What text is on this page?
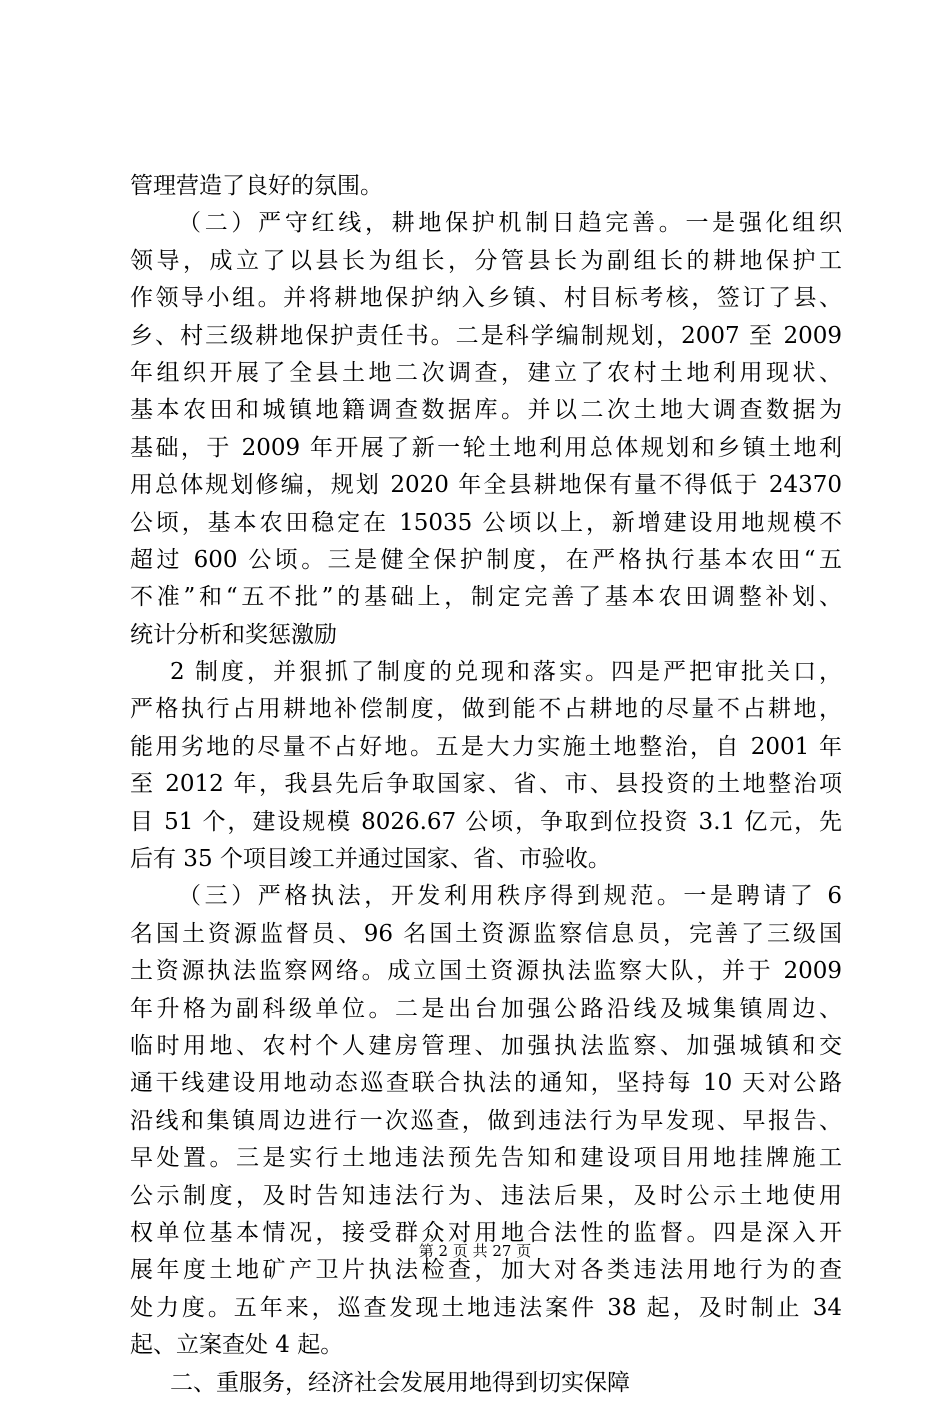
管理营造了良好的氛围。
（二）严守红线，耕地保护机制日趋完善。一是强化组织
领导，成立了以县长为组长，分管县长为副组长的耕地保护工
作领导小组。并将耕地保护纳入乡镇、村目标考核，签订了县、
乡、村三级耕地保护责任书。二是科学编制规划，2007 至 2009
年组织开展了全县土地二次调查，建立了农村土地利用现状、
基本农田和城镇地籍调查数据库。并以二次土地大调查数据为
基础，于 2009 年开展了新一轮土地利用总体规划和乡镇土地利
用总体规划修编，规划 2020 年全县耕地保有量不得低于 24370
公顷，基本农田稳定在 15035 公顷以上，新增建设用地规模不
超过 600 公顷。三是健全保护制度，在严格执行基本农田“五
不准”和“五不批”的基础上，制定完善了基本农田调整补划、
统计分析和奖惩激励
2 制度，并狠抓了制度的兑现和落实。四是严把审批关口，
严格执行占用耕地补偿制度，做到能不占耕地的尽量不占耕地，
能用劣地的尽量不占好地。五是大力实施土地整治，自 2001 年
至 2012 年，我县先后争取国家、省、市、县投资的土地整治项
目 51 个，建设规模 8026.67 公顷，争取到位投资 3.1 亿元，先
后有 35 个项目竣工并通过国家、省、市验收。
（三）严格执法，开发利用秩序得到规范。一是聘请了 6
名国土资源监督员、96 名国土资源监察信息员，完善了三级国
土资源执法监察网络。成立国土资源执法监察大队，并于 2009
年升格为副科级单位。二是出台加强公路沿线及城集镇周边、
临时用地、农村个人建房管理、加强执法监察、加强城镇和交
通干线建设用地动态巡查联合执法的通知，坚持每 10 天对公路
沿线和集镇周边进行一次巡查，做到违法行为早发现、早报告、
早处置。三是实行土地违法预先告知和建设项目用地挂牌施工
公示制度，及时告知违法行为、违法后果，及时公示土地使用
权单位基本情况，接受群众对用地合法性的监督。四是深入开
展年度土地矿产卫片执法检查，加大对各类违法用地行为的查
处力度。五年来，巡查发现土地违法案件 38 起，及时制止 34
起、立案查处 4 起。
二、重服务，经济社会发展用地得到切实保障
第 2 页 共 27 页
